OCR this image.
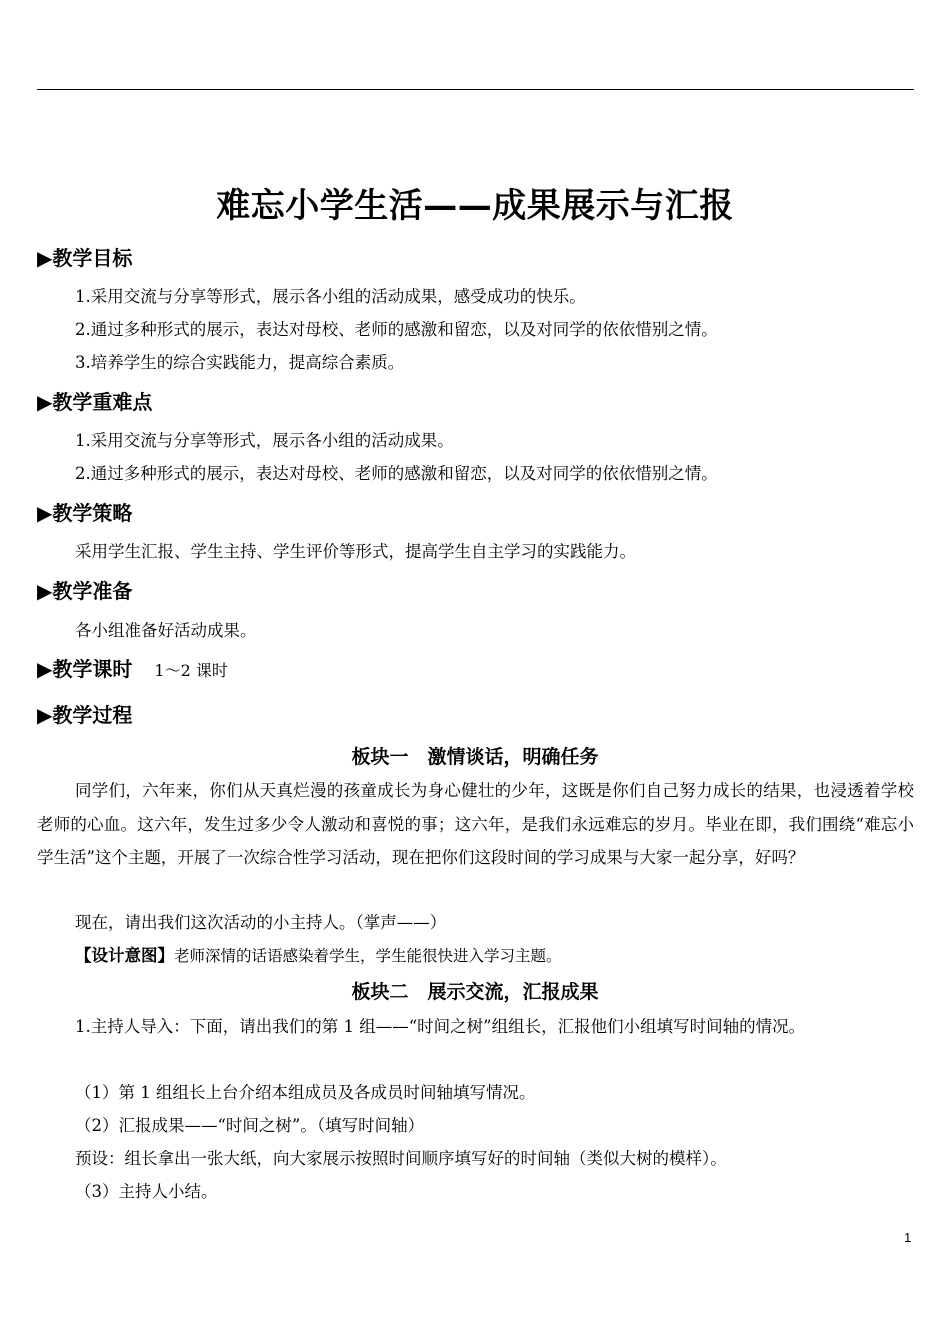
难忘小学生活——成果展示与汇报
▶教学目标
1.采用交流与分享等形式，展示各小组的活动成果，感受成功的快乐。
2.通过多种形式的展示，表达对母校、老师的感激和留恋，以及对同学的依依惜别之情。
3.培养学生的综合实践能力，提高综合素质。
▶教学重难点
1.采用交流与分享等形式，展示各小组的活动成果。
2.通过多种形式的展示，表达对母校、老师的感激和留恋，以及对同学的依依惜别之情。
▶教学策略
采用学生汇报、学生主持、学生评价等形式，提高学生自主学习的实践能力。
▶教学准备
各小组准备好活动成果。
▶教学课时 1～2 课时
▶教学过程
板块一　激情谈话，明确任务
同学们，六年来，你们从天真烂漫的孩童成长为身心健壮的少年，这既是你们自己努力成长的结果，也浸透着学校老师的心血。这六年，发生过多少令人激动和喜悦的事；这六年，是我们永远难忘的岁月。毕业在即，我们围绕“难忘小学生活”这个主题，开展了一次综合性学习活动，现在把你们这段时间的学习成果与大家一起分享，好吗？
现在，请出我们这次活动的小主持人。（掌声——）
【设计意图】老师深情的话语感染着学生，学生能很快进入学习主题。
板块二　展示交流，汇报成果
1.主持人导入：下面，请出我们的第 1 组——“时间之树”组组长，汇报他们小组填写时间轴的情况。
（1）第 1 组组长上台介绍本组成员及各成员时间轴填写情况。
（2）汇报成果——“时间之树”。（填写时间轴）
预设：组长拿出一张大纸，向大家展示按照时间顺序填写好的时间轴（类似大树的模样）。
（3）主持人小结。
1
